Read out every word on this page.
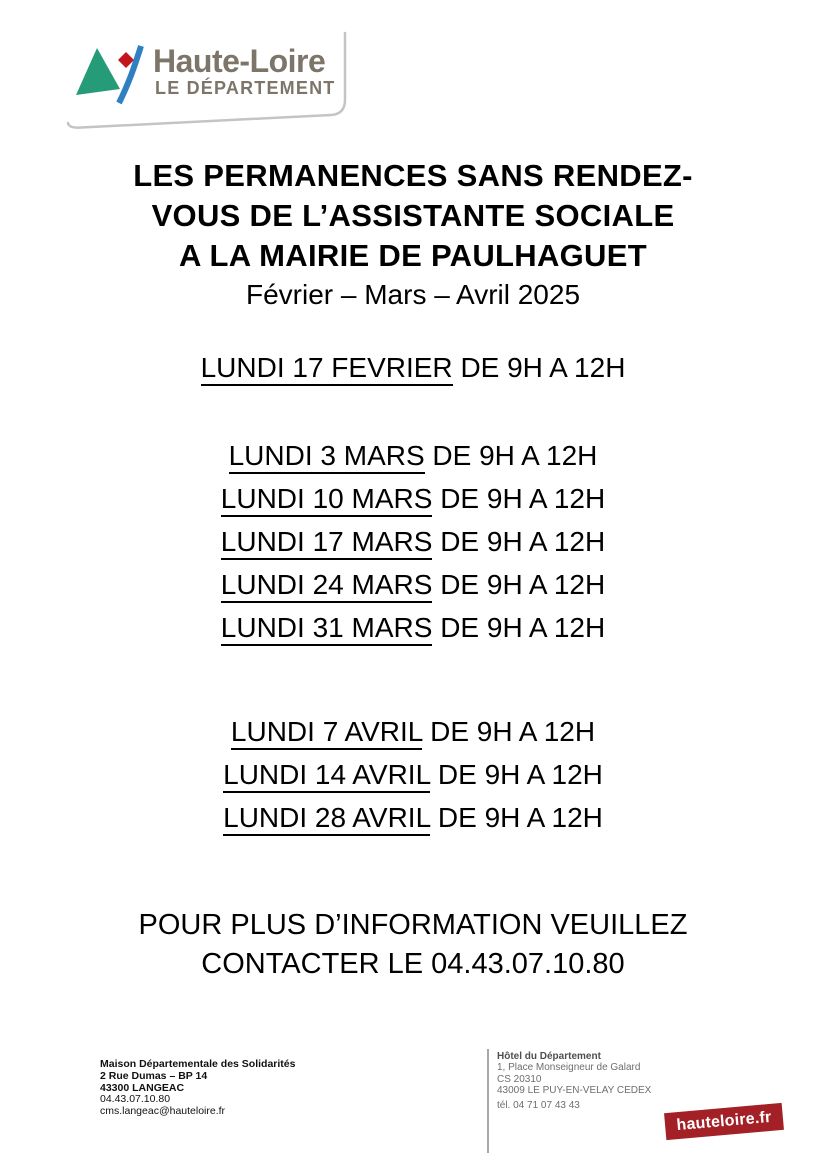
Haute-Loire
LE DÉPARTEMENT
LES PERMANENCES SANS RENDEZ-
VOUS DE L’ASSISTANTE SOCIALE
A LA MAIRIE DE PAULHAGUET
Février – Mars – Avril 2025
LUNDI 17 FEVRIER DE 9H A 12H
LUNDI 3 MARS DE 9H A 12H
LUNDI 10 MARS DE 9H A 12H
LUNDI 17 MARS DE 9H A 12H
LUNDI 24 MARS DE 9H A 12H
LUNDI 31 MARS DE 9H A 12H
LUNDI 7 AVRIL DE 9H A 12H
LUNDI 14 AVRIL DE 9H A 12H
LUNDI 28 AVRIL DE 9H A 12H
POUR PLUS D’INFORMATION VEUILLEZ
CONTACTER LE 04.43.07.10.80
Maison Départementale des Solidarités
2 Rue Dumas – BP 14
43300 LANGEAC
04.43.07.10.80
cms.langeac@hauteloire.fr
Hôtel du Département
1, Place Monseigneur de Galard
CS 20310
43009 LE PUY-EN-VELAY CEDEX
tél. 04 71 07 43 43
hauteloire.fr
